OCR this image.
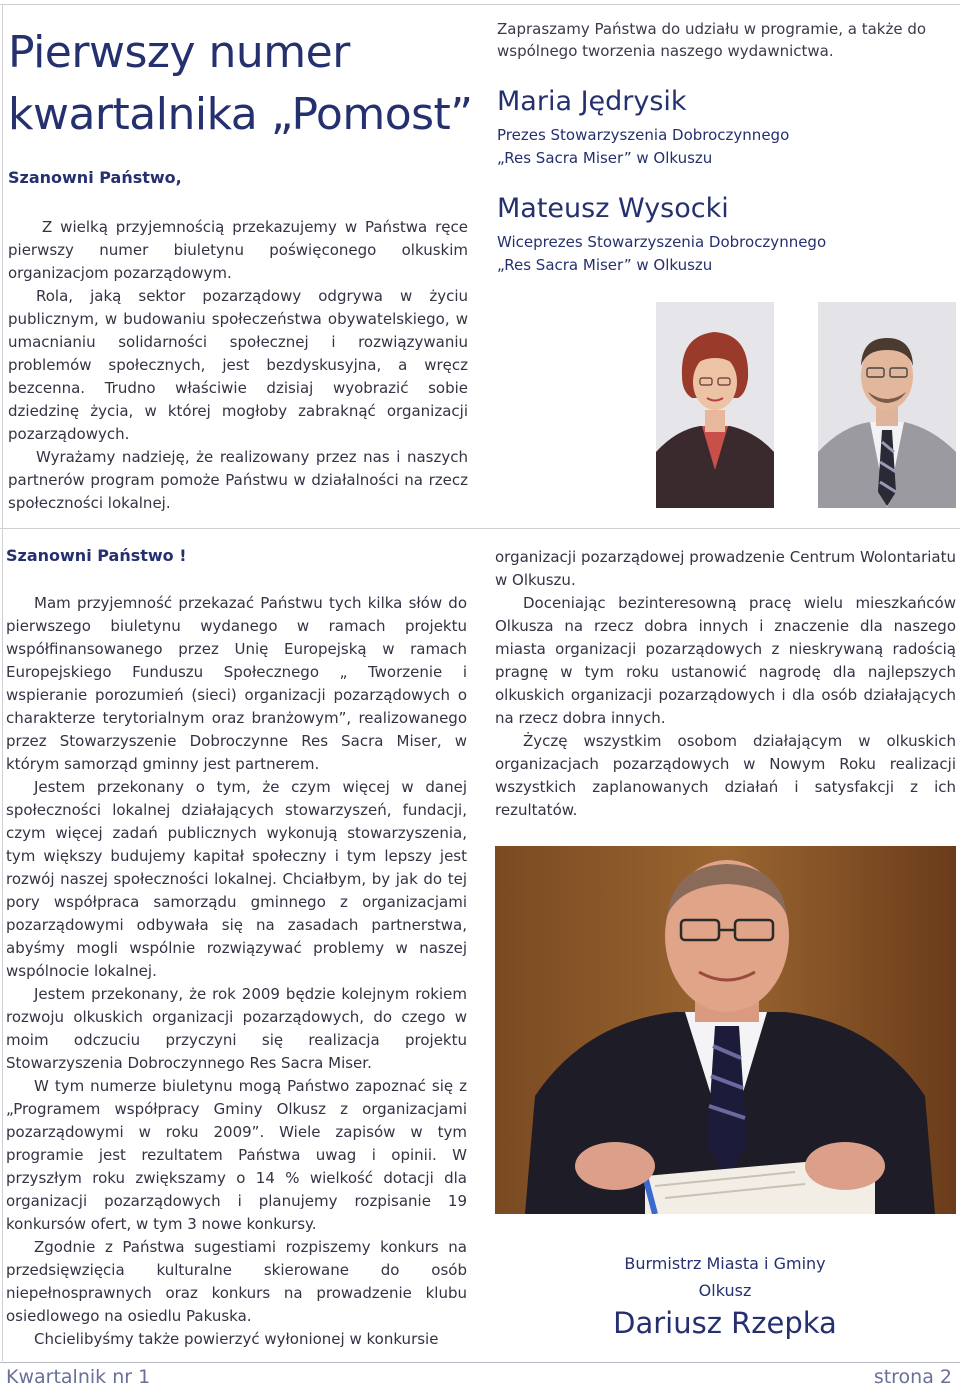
Pierwszy numer
kwartalnika „Pomost”
Szanowni Państwo,

Z wielką przyjemnością przekazujemy w Państwa ręce pierwszy numer biuletynu poświęconego olkuskim organizacjom pozarządowym.

Rola, jaką sektor pozarządowy odgrywa w życiu publicznym, w budowaniu społeczeństwa obywatelskiego, w umacnianiu solidarności społecznej i rozwiązywaniu problemów społecznych, jest bezdyskusyjna, a wręcz bezcenna. Trudno właściwie dzisiaj wyobrazić sobie dziedzinę życia, w której mogłoby zabraknąć organizacji pozarządowych.

Wyrażamy nadzieję, że realizowany przez nas i naszych partnerów program pomoże Państwu w działalności na rzecz społeczności lokalnej.

Zapraszamy Państwa do udziału w programie, a także do wspólnego tworzenia naszego wydawnictwa.

Maria Jędrysik

Prezes Stowarzyszenia Dobroczynnego
„Res Sacra Miser” w Olkuszu

Mateusz Wysocki

Wiceprezes Stowarzyszenia Dobroczynnego
„Res Sacra Miser” w Olkuszu

Szanowni Państwo !

Mam przyjemność przekazać Państwu tych kilka słów do pierwszego biuletynu wydanego w ramach projektu współfinansowanego przez Unię Europejską w ramach Europejskiego Funduszu Społecznego „ Tworzenie i wspieranie porozumień (sieci) organizacji pozarządowych o charakterze terytorialnym oraz branżowym”, realizowanego przez Stowarzyszenie Dobroczynne Res Sacra Miser, w którym samorząd gminny jest partnerem.

Jestem przekonany o tym, że czym więcej w danej społeczności lokalnej działających stowarzyszeń, fundacji, czym więcej zadań publicznych wykonują stowarzyszenia, tym większy budujemy kapitał społeczny i tym lepszy jest rozwój naszej społeczności lokalnej. Chciałbym, by jak do tej pory współpraca samorządu gminnego z organizacjami pozarządowymi odbywała się na zasadach partnerstwa, abyśmy mogli wspólnie rozwiązywać problemy w naszej wspólnocie lokalnej.

Jestem przekonany, że rok 2009 będzie kolejnym rokiem rozwoju olkuskich organizacji pozarządowych, do czego w moim odczuciu przyczyni się realizacja projektu Stowarzyszenia Dobroczynnego Res Sacra Miser.

W tym numerze biuletynu mogą Państwo zapoznać się z „Programem współpracy Gminy Olkusz z organizacjami pozarządowymi w roku 2009”. Wiele zapisów w tym programie jest rezultatem Państwa uwag i opinii. W przyszłym roku zwiększamy o 14 % wielkość dotacji dla organizacji pozarządowych i planujemy rozpisanie 19 konkursów ofert, w tym 3 nowe konkursy.

Zgodnie z Państwa sugestiami rozpiszemy konkurs na przedsięwzięcia kulturalne skierowane do osób niepełnosprawnych oraz konkurs na prowadzenie klubu osiedlowego na osiedlu Pakuska.

Chcielibyśmy także powierzyć wyłonionej w konkursie

organizacji pozarządowej prowadzenie Centrum Wolontariatu w Olkuszu.

Doceniając bezinteresowną pracę wielu mieszkańców Olkusza na rzecz dobra innych i znaczenie dla naszego miasta organizacji pozarządowych z nieskrywaną radością pragnę w tym roku ustanowić nagrodę dla najlepszych olkuskich organizacji pozarządowych i dla osób działających na rzecz dobra innych.

Życzę wszystkim osobom działającym w olkuskich organizacjach pozarządowych w Nowym Roku realizacji wszystkich zaplanowanych działań i satysfakcji z ich rezultatów.

Burmistrz Miasta i Gminy
Olkusz

Dariusz Rzepka

Kwartalnik nr 1	strona 2
